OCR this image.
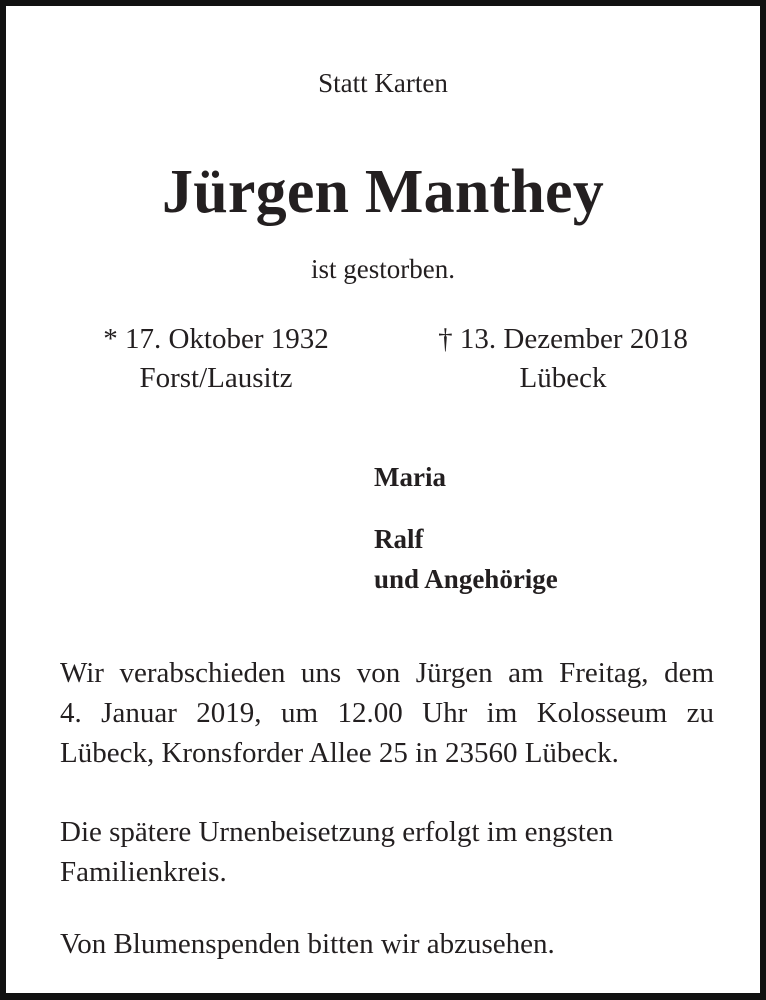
Statt Karten
Jürgen Manthey
ist gestorben.
* 17. Oktober 1932
Forst/Lausitz
† 13. Dezember 2018
Lübeck
Maria
Ralf
und Angehörige
Wir verabschieden uns von Jürgen am Freitag, dem
4. Januar 2019, um 12.00 Uhr im Kolosseum zu
Lübeck, Kronsforder Allee 25 in 23560 Lübeck.
Die spätere Urnenbeisetzung erfolgt im engsten
Familienkreis.
Von Blumenspenden bitten wir abzusehen.
